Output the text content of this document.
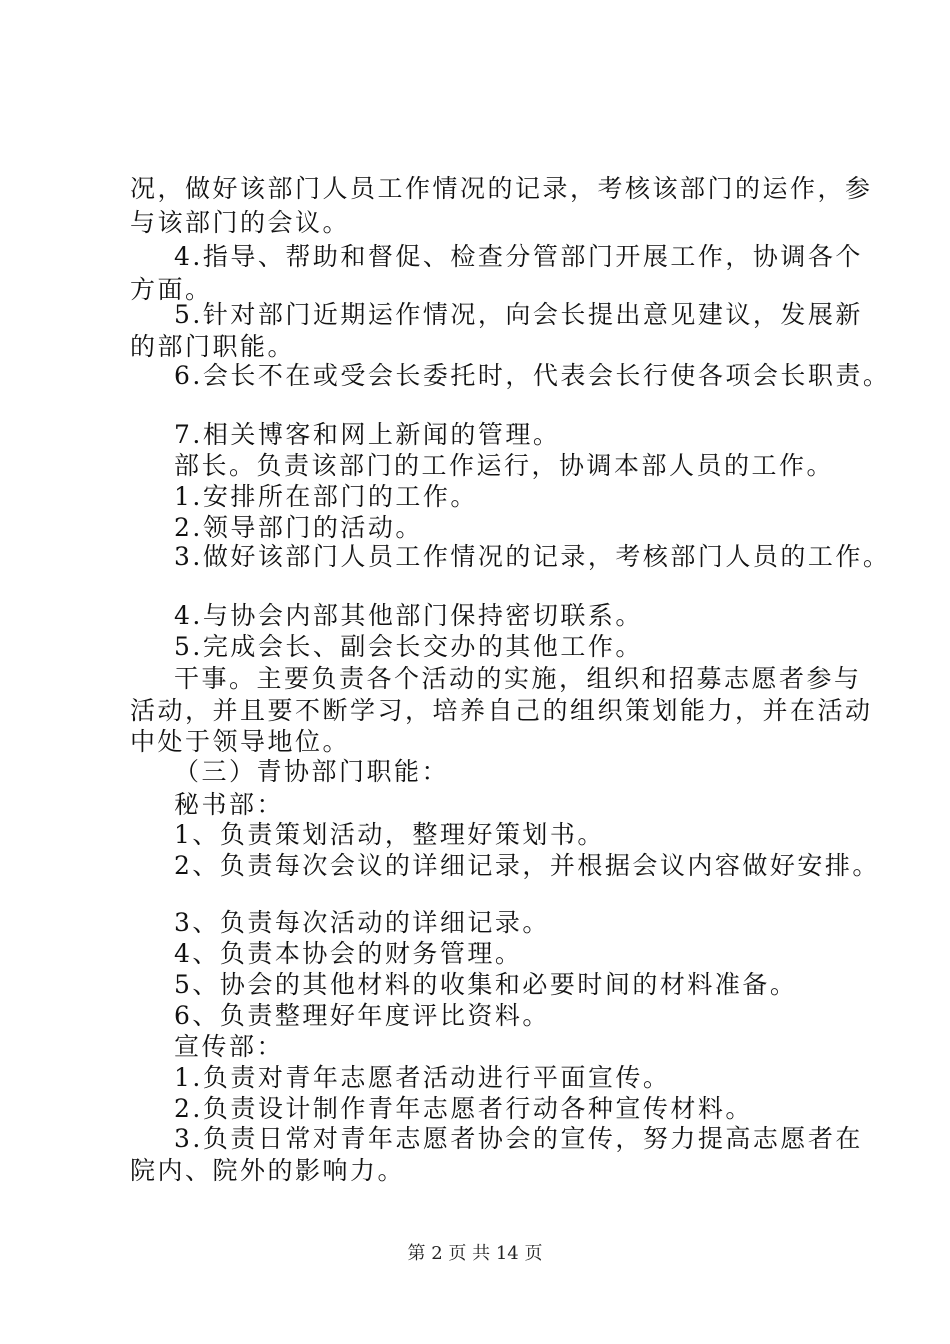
况，做好该部门人员工作情况的记录，考核该部门的运作，参
与该部门的会议。
4.指导、帮助和督促、检查分管部门开展工作，协调各个
方面。
5.针对部门近期运作情况，向会长提出意见建议，发展新
的部门职能。
6.会长不在或受会长委托时，代表会长行使各项会长职责。
7.相关博客和网上新闻的管理。
部长。负责该部门的工作运行，协调本部人员的工作。
1.安排所在部门的工作。
2.领导部门的活动。
3.做好该部门人员工作情况的记录，考核部门人员的工作。
4.与协会内部其他部门保持密切联系。
5.完成会长、副会长交办的其他工作。
干事。主要负责各个活动的实施，组织和招募志愿者参与
活动，并且要不断学习，培养自己的组织策划能力，并在活动
中处于领导地位。
（三）青协部门职能：
秘书部：
1、负责策划活动，整理好策划书。
2、负责每次会议的详细记录，并根据会议内容做好安排。
3、负责每次活动的详细记录。
4、负责本协会的财务管理。
5、协会的其他材料的收集和必要时间的材料准备。
6、负责整理好年度评比资料。
宣传部：
1.负责对青年志愿者活动进行平面宣传。
2.负责设计制作青年志愿者行动各种宣传材料。
3.负责日常对青年志愿者协会的宣传，努力提高志愿者在
院内、院外的影响力。
第 2 页 共 14 页
